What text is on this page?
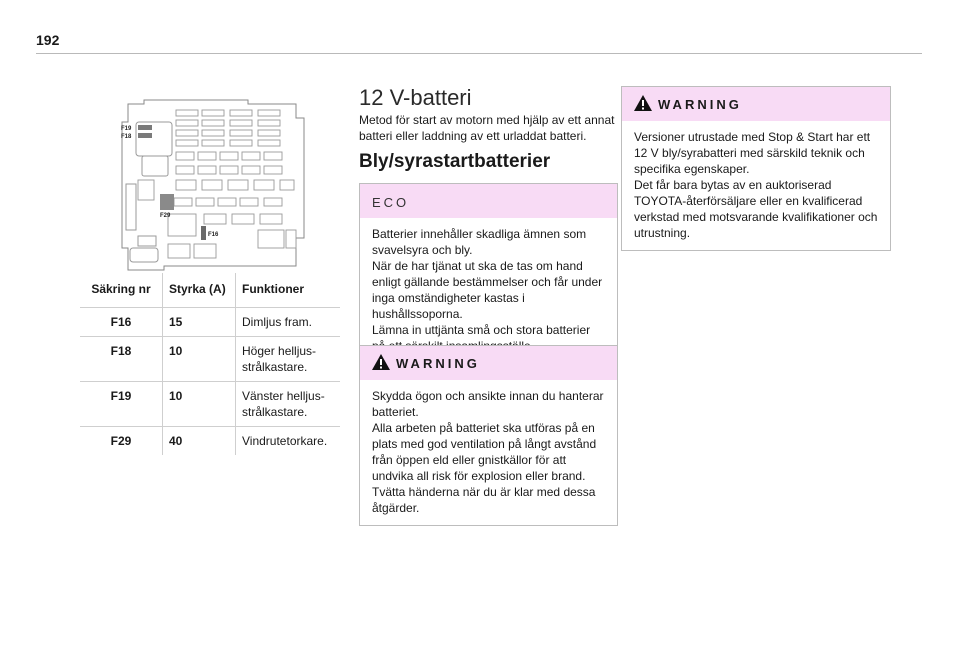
192
F19
F18
F29
F16
Säkring nr	Styrka (A)	Funktioner
F16	15	Dimljus fram.
F18	10	Höger helljus-strålkastare.
F19	10	Vänster helljus-strålkastare.
F29	40	Vindrutetorkare.
12 V-batteri
Metod för start av motorn med hjälp av ett annat batteri eller laddning av ett urladdat batteri.
Bly/syrastartbatterier
ECO

Batterier innehåller skadliga ämnen som svavelsyra och bly.

När de har tjänat ut ska de tas om hand enligt gällande bestämmelser och får under inga omständigheter kastas i hushållssoporna.

Lämna in uttjänta små och stora batterier

WARNING

Skydda ögon och ansikte innan du hanterar batteriet.

Alla arbeten på batteriet ska utföras på en plats med god ventilation på långt avstånd från öppen eld eller gnistkällor för att undvika all risk för explosion eller brand.

Tvätta händerna när du är klar med dessa åtgärder.

WARNING

Versioner utrustade med Stop & Start har ett 12 V bly/syrabatteri med särskild teknik och specifika egenskaper.

Det får bara bytas av en auktoriserad TOYOTA-återförsäljare eller en kvalificerad verkstad med motsvarande kvalifikationer och utrustning.
